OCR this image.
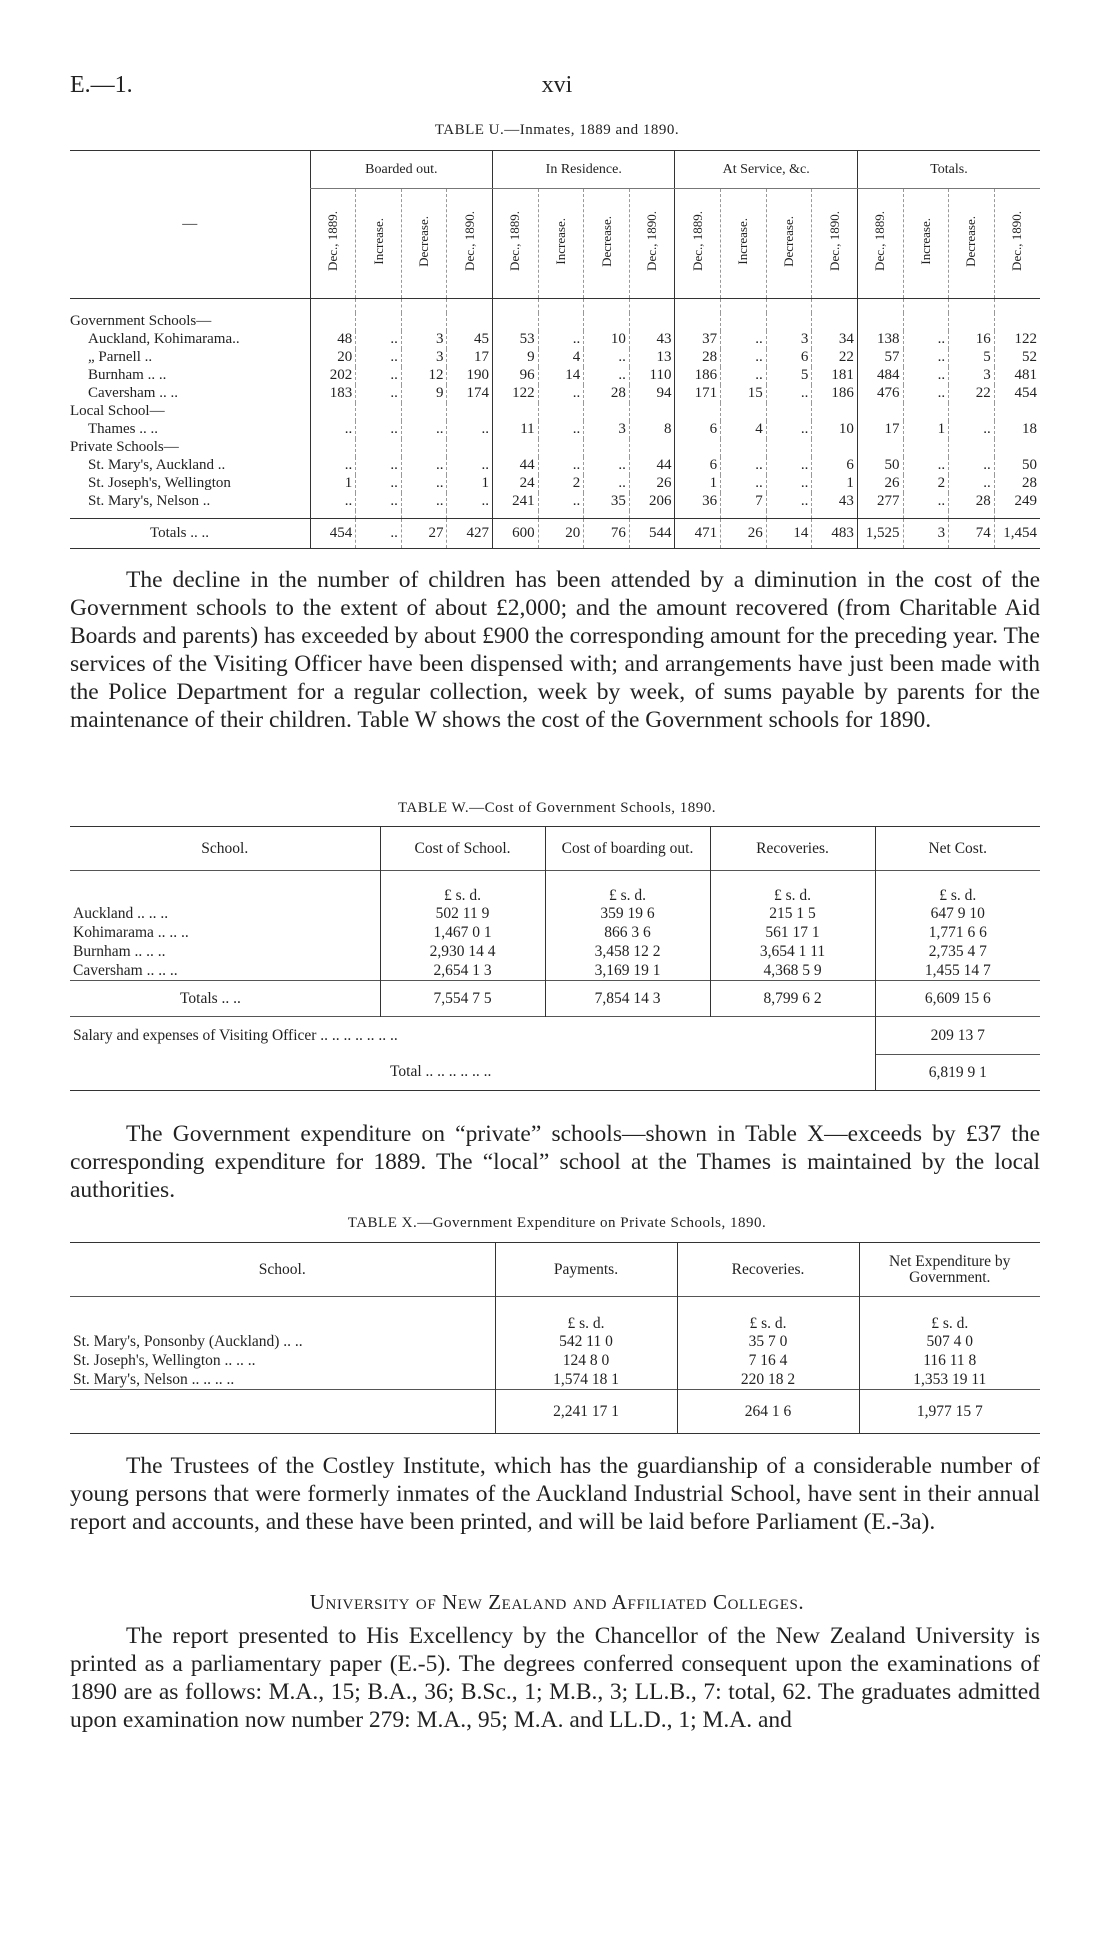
E.—1.	xvi
TABLE U.—Inmates, 1889 and 1890.
—	Boarded out.				In Residence.				At Service, &c.				Totals.			
	Dec., 1889.	Increase.	Decrease.	Dec., 1890.	Dec., 1889.	Increase.	Decrease.	Dec., 1890.	Dec., 1889.	Increase.	Decrease.	Dec., 1890.	Dec., 1889.	Increase.	Decrease.	Dec., 1890.

Government Schools—																
Auckland, Kohimarama..	48	..	3	45	53	..	10	43	37	..	3	34	138	..	16	122
„ Parnell ..	20	..	3	17	9	4	..	13	28	..	6	22	57	..	5	52
Burnham .. ..	202	..	12	190	96	14	..	110	186	..	5	181	484	..	3	481
Caversham .. ..	183	..	9	174	122	..	28	94	171	15	..	186	476	..	22	454
Local School—																
Thames .. ..	..	..	..	..	11	..	3	8	6	4	..	10	17	1	..	18
Private Schools—																
St. Mary's, Auckland ..	..	..	..	..	44	..	..	44	6	..	..	6	50	..	..	50
St. Joseph's, Wellington	1	..	..	1	24	2	..	26	1	..	..	1	26	2	..	28
St. Mary's, Nelson ..	..	..	..	..	241	..	35	206	36	7	..	43	277	..	28	249

Totals .. ..	454	..	27	427	600	20	76	544	471	26	14	483	1,525	3	74	1,454

The decline in the number of children has been attended by a diminution in the cost of the Government schools to the extent of about £2,000; and the amount recovered (from Charitable Aid Boards and parents) has exceeded by about £900 the corresponding amount for the preceding year. The services of the Visiting Officer have been dispensed with; and arrangements have just been made with the Police Department for a regular collection, week by week, of sums payable by parents for the maintenance of their children. Table W shows the cost of the Government schools for 1890.

TABLE W.—Cost of Government Schools, 1890.
School.	Cost of School.	Cost of boarding out.	Recoveries.	Net Cost.
	£ s. d.	£ s. d.	£ s. d.	£ s. d.
Auckland .. .. ..	502 11 9	359 19 6	215 1 5	647 9 10
Kohimarama .. .. ..	1,467 0 1	866 3 6	561 17 1	1,771 6 6
Burnham .. .. ..	2,930 14 4	3,458 12 2	3,654 1 11	2,735 4 7
Caversham .. .. ..	2,654 1 3	3,169 19 1	4,368 5 9	1,455 14 7
Totals .. ..	7,554 7 5	7,854 14 3	8,799 6 2	6,609 15 6
Salary and expenses of Visiting Officer .. .. .. .. .. .. ..				209 13 7
Total .. .. .. .. .. ..				6,819 9 1

The Government expenditure on “private” schools—shown in Table X—exceeds by £37 the corresponding expenditure for 1889. The “local” school at the Thames is maintained by the local authorities.

TABLE X.—Government Expenditure on Private Schools, 1890.
School.	Payments.	Recoveries.	Net Expenditure by Government.
	£ s. d.	£ s. d.	£ s. d.
St. Mary's, Ponsonby (Auckland) .. ..	542 11 0	35 7 0	507 4 0
St. Joseph's, Wellington .. .. ..	124 8 0	7 16 4	116 11 8
St. Mary's, Nelson .. .. .. ..	1,574 18 1	220 18 2	1,353 19 11
	2,241 17 1	264 1 6	1,977 15 7

The Trustees of the Costley Institute, which has the guardianship of a considerable number of young persons that were formerly inmates of the Auckland Industrial School, have sent in their annual report and accounts, and these have been printed, and will be laid before Parliament (E.-3a).

University of New Zealand and Affiliated Colleges.

The report presented to His Excellency by the Chancellor of the New Zealand University is printed as a parliamentary paper (E.-5). The degrees conferred consequent upon the examinations of 1890 are as follows: M.A., 15; B.A., 36; B.Sc., 1; M.B., 3; LL.B., 7: total, 62. The graduates admitted upon examination now number 279: M.A., 95; M.A. and LL.D., 1; M.A. and
